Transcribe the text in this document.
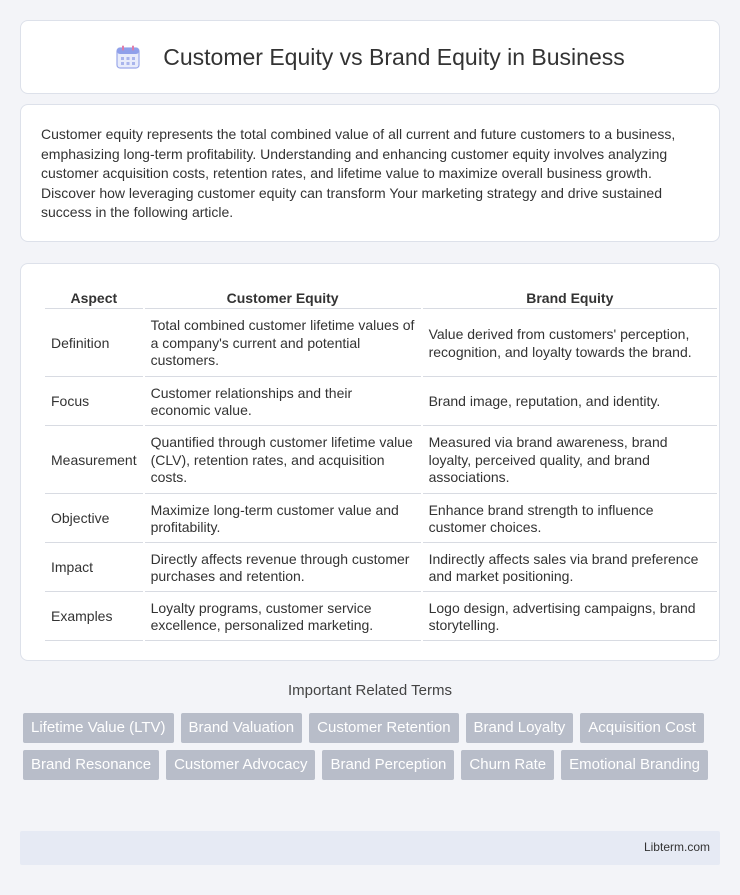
Customer Equity vs Brand Equity in Business

Customer equity represents the total combined value of all current and future customers to a business, emphasizing long-term profitability. Understanding and enhancing customer equity involves analyzing customer acquisition costs, retention rates, and lifetime value to maximize overall business growth. Discover how leveraging customer equity can transform Your marketing strategy and drive sustained success in the following article.

Aspect	Customer Equity	Brand Equity
Definition	Total combined customer lifetime values of a company's current and potential customers.	Value derived from customers' perception, recognition, and loyalty towards the brand.
Focus	Customer relationships and their economic value.	Brand image, reputation, and identity.
Measurement	Quantified through customer lifetime value (CLV), retention rates, and acquisition costs.	Measured via brand awareness, brand loyalty, perceived quality, and brand associations.
Objective	Maximize long-term customer value and profitability.	Enhance brand strength to influence customer choices.
Impact	Directly affects revenue through customer purchases and retention.	Indirectly affects sales via brand preference and market positioning.
Examples	Loyalty programs, customer service excellence, personalized marketing.	Logo design, advertising campaigns, brand storytelling.
Important Related Terms
Lifetime Value (LTV)	Brand Valuation	Customer Retention	Brand Loyalty	Acquisition Cost
Brand Resonance	Customer Advocacy	Brand Perception	Churn Rate	Emotional Branding
Libterm.com
